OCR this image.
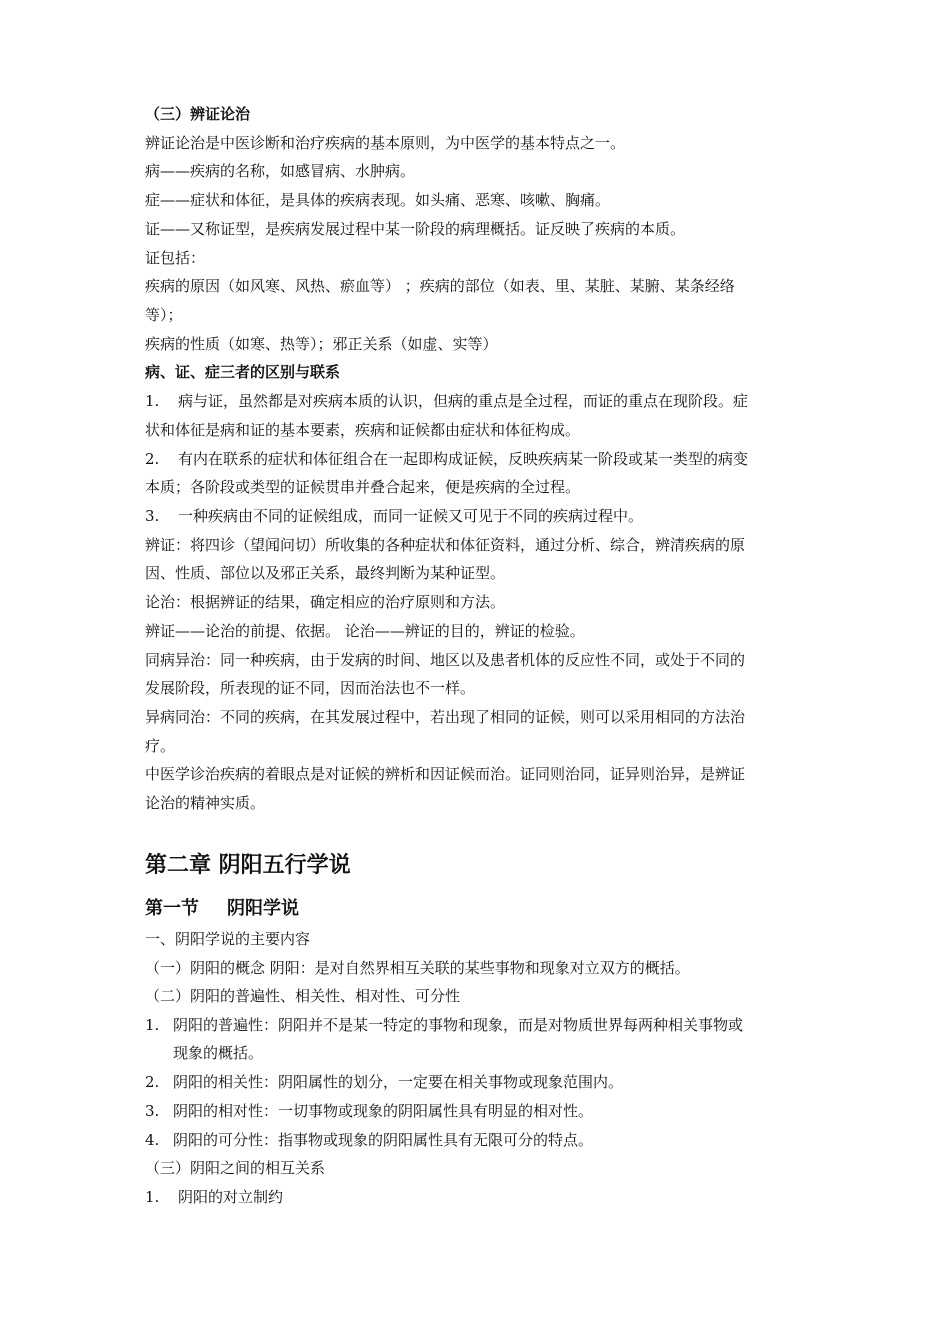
（三）辨证论治
辨证论治是中医诊断和治疗疾病的基本原则，为中医学的基本特点之一。
病——疾病的名称，如感冒病、水肿病。
症——症状和体征，是具体的疾病表现。如头痛、恶寒、咳嗽、胸痛。
证——又称证型，是疾病发展过程中某一阶段的病理概括。证反映了疾病的本质。
证包括：
疾病的原因（如风寒、风热、瘀血等） ；疾病的部位（如表、里、某脏、某腑、某条经络
等）；
疾病的性质（如寒、热等）；邪正关系（如虚、实等）
病、证、症三者的区别与联系
1. 病与证，虽然都是对疾病本质的认识，但病的重点是全过程，而证的重点在现阶段。症
状和体征是病和证的基本要素，疾病和证候都由症状和体征构成。
2. 有内在联系的症状和体征组合在一起即构成证候，反映疾病某一阶段或某一类型的病变
本质；各阶段或类型的证候贯串并叠合起来，便是疾病的全过程。
3. 一种疾病由不同的证候组成，而同一证候又可见于不同的疾病过程中。
辨证：将四诊（望闻问切）所收集的各种症状和体征资料，通过分析、综合，辨清疾病的原
因、性质、部位以及邪正关系，最终判断为某种证型。
论治：根据辨证的结果，确定相应的治疗原则和方法。
辨证——论治的前提、依据。 论治——辨证的目的，辨证的检验。
同病异治：同一种疾病，由于发病的时间、地区以及患者机体的反应性不同，或处于不同的
发展阶段，所表现的证不同，因而治法也不一样。
异病同治：不同的疾病，在其发展过程中，若出现了相同的证候，则可以采用相同的方法治
疗。
中医学诊治疾病的着眼点是对证候的辨析和因证候而治。证同则治同，证异则治异，是辨证
论治的精神实质。
第二章 阴阳五行学说
第一节 阴阳学说
一、阴阳学说的主要内容
（一）阴阳的概念 阴阳：是对自然界相互关联的某些事物和现象对立双方的概括。
（二）阴阳的普遍性、相关性、相对性、可分性
1. 阴阳的普遍性：阴阳并不是某一特定的事物和现象，而是对物质世界每两种相关事物或
现象的概括。
2. 阴阳的相关性：阴阳属性的划分，一定要在相关事物或现象范围内。
3. 阴阳的相对性：一切事物或现象的阴阳属性具有明显的相对性。
4. 阴阳的可分性：指事物或现象的阴阳属性具有无限可分的特点。
（三）阴阳之间的相互关系
1. 阴阳的对立制约
